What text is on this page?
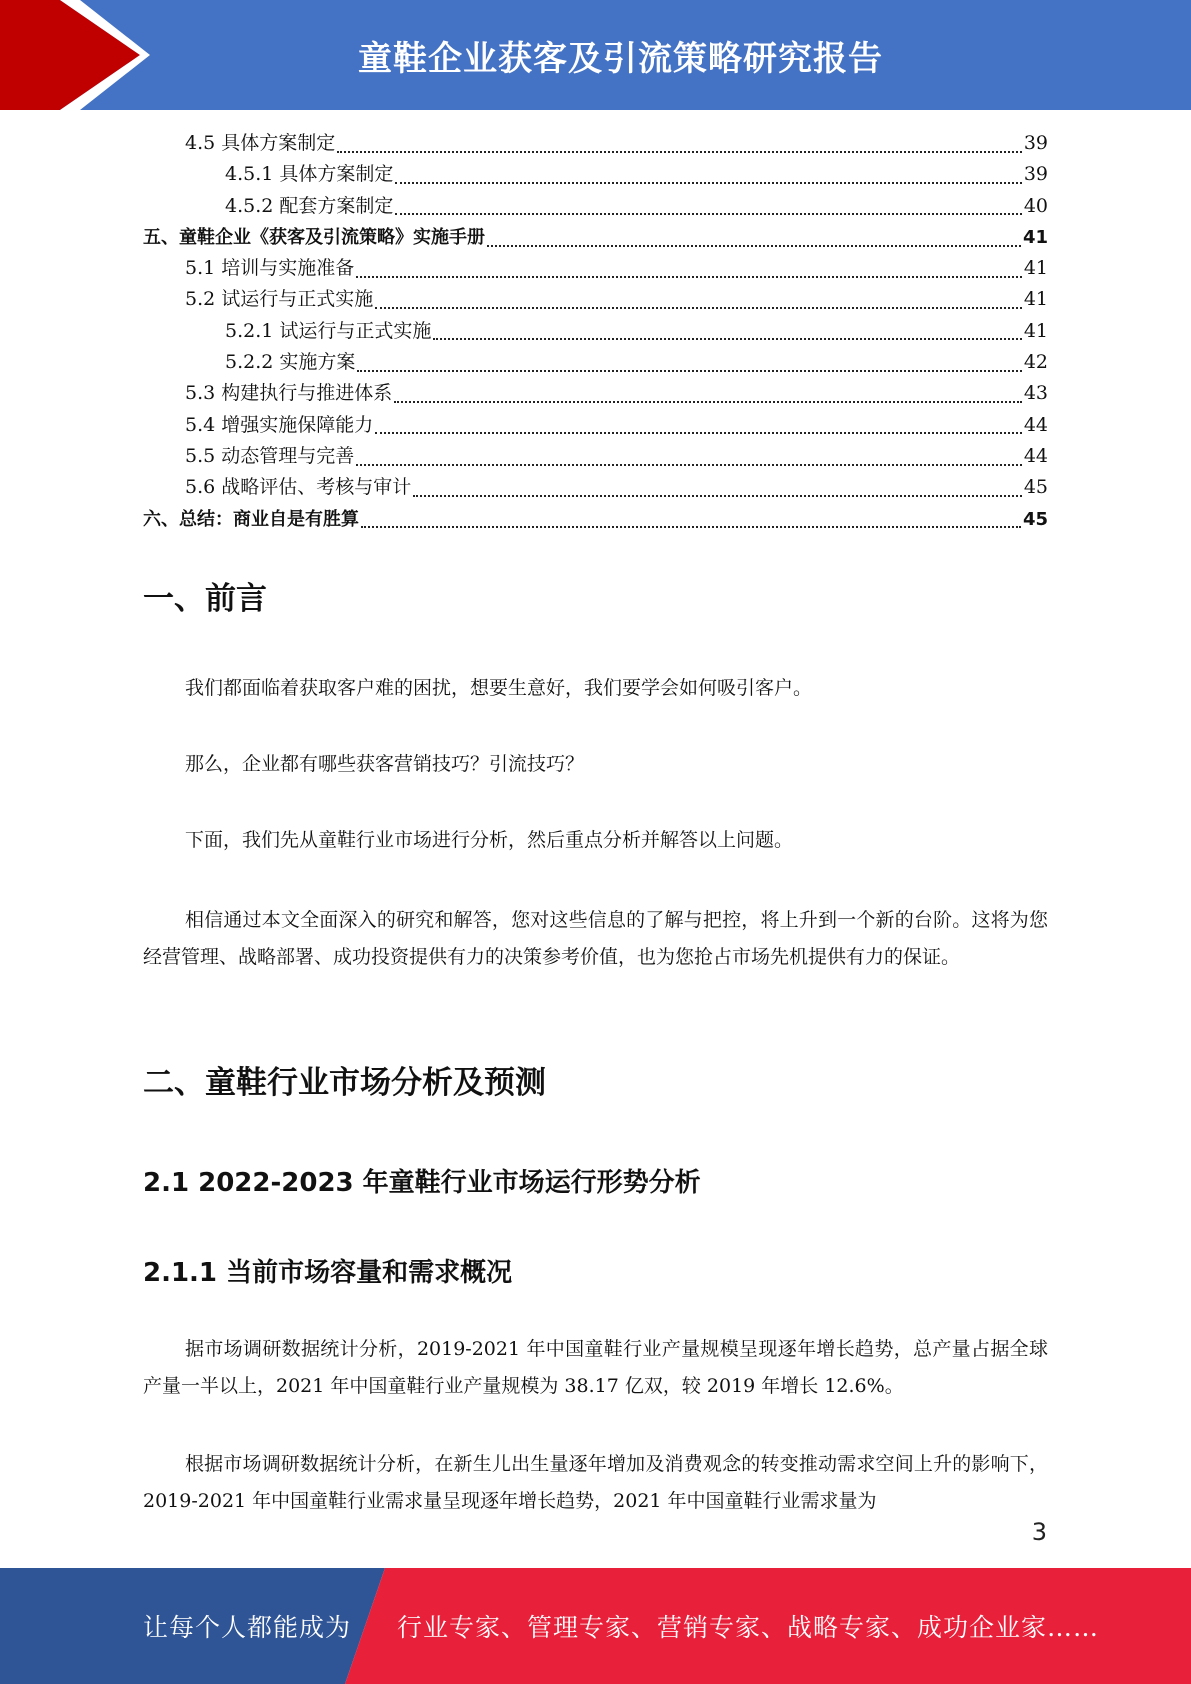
童鞋企业获客及引流策略研究报告
4.5 具体方案制定	39
4.5.1 具体方案制定	39
4.5.2 配套方案制定	40
五、童鞋企业《获客及引流策略》实施手册	41
5.1 培训与实施准备	41
5.2 试运行与正式实施	41
5.2.1 试运行与正式实施	41
5.2.2 实施方案	42
5.3 构建执行与推进体系	43
5.4 增强实施保障能力	44
5.5 动态管理与完善	44
5.6 战略评估、考核与审计	45
六、总结：商业自是有胜算	45
一、前言

我们都面临着获取客户难的困扰，想要生意好，我们要学会如何吸引客户。

那么，企业都有哪些获客营销技巧？引流技巧？

下面，我们先从童鞋行业市场进行分析，然后重点分析并解答以上问题。

相信通过本文全面深入的研究和解答，您对这些信息的了解与把控，将上升到一个新的台阶。这将为您经营管理、战略部署、成功投资提供有力的决策参考价值，也为您抢占市场先机提供有力的保证。

二、童鞋行业市场分析及预测
2.1 2022-2023 年童鞋行业市场运行形势分析
2.1.1 当前市场容量和需求概况

据市场调研数据统计分析，2019-2021 年中国童鞋行业产量规模呈现逐年增长趋势，总产量占据全球产量一半以上，2021 年中国童鞋行业产量规模为 38.17 亿双，较 2019 年增长 12.6%。

根据市场调研数据统计分析，在新生儿出生量逐年增加及消费观念的转变推动需求空间上升的影响下，2019-2021 年中国童鞋行业需求量呈现逐年增长趋势，2021 年中国童鞋行业需求量为

3
让每个人都能成为 行业专家、管理专家、营销专家、战略专家、成功企业家……
